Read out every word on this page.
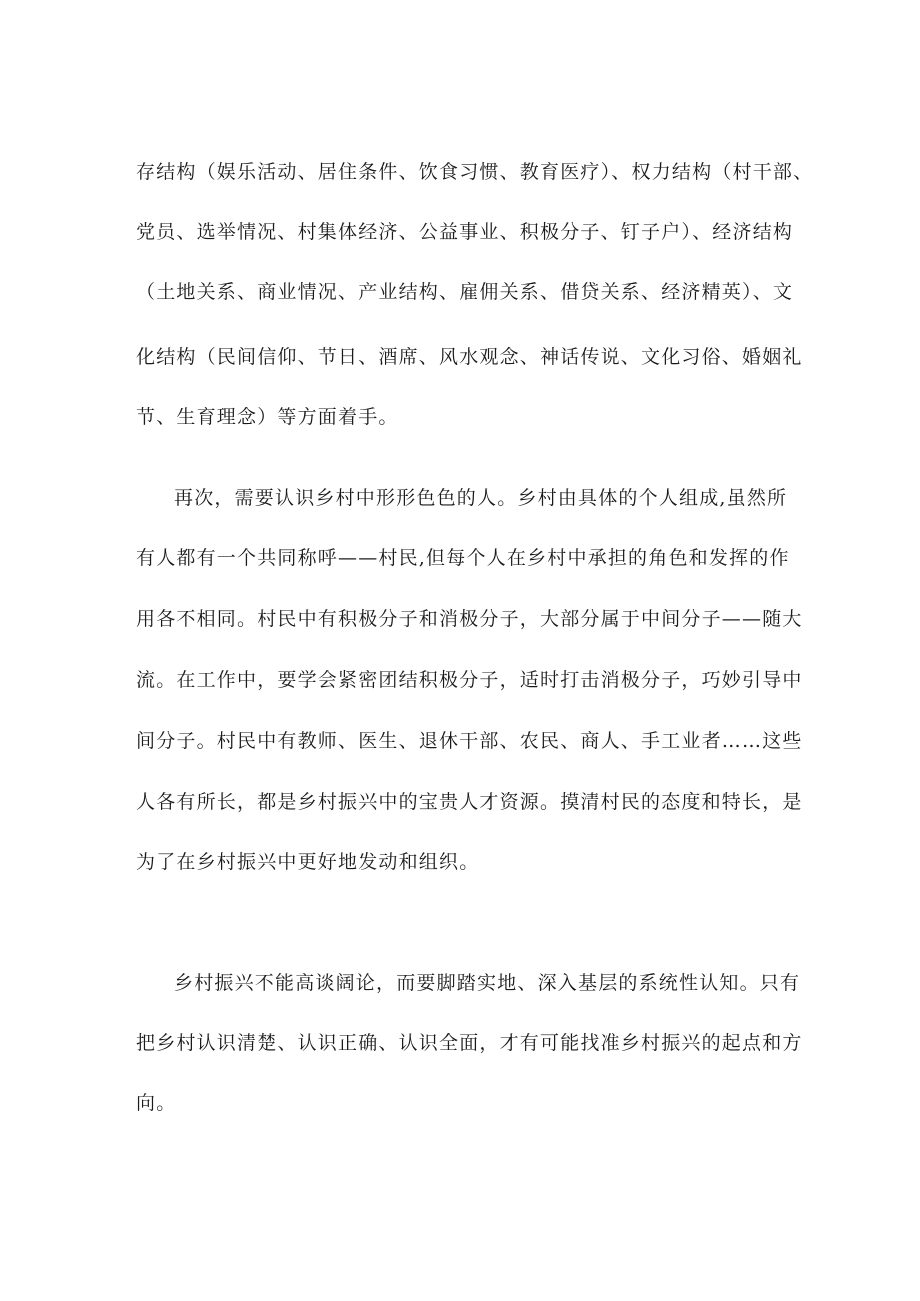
存结构（娱乐活动、居住条件、饮食习惯、教育医疗）、权力结构（村干部、
党员、选举情况、村集体经济、公益事业、积极分子、钉子户）、经济结构
（土地关系、商业情况、产业结构、雇佣关系、借贷关系、经济精英）、文
化结构（民间信仰、节日、酒席、风水观念、神话传说、文化习俗、婚姻礼
节、生育理念）等方面着手。
再次，需要认识乡村中形形色色的人。乡村由具体的个人组成,虽然所
有人都有一个共同称呼——村民,但每个人在乡村中承担的角色和发挥的作
用各不相同。村民中有积极分子和消极分子，大部分属于中间分子——随大
流。在工作中，要学会紧密团结积极分子，适时打击消极分子，巧妙引导中
间分子。村民中有教师、医生、退休干部、农民、商人、手工业者……这些
人各有所长，都是乡村振兴中的宝贵人才资源。摸清村民的态度和特长，是
为了在乡村振兴中更好地发动和组织。
乡村振兴不能高谈阔论，而要脚踏实地、深入基层的系统性认知。只有
把乡村认识清楚、认识正确、认识全面，才有可能找准乡村振兴的起点和方
向。
